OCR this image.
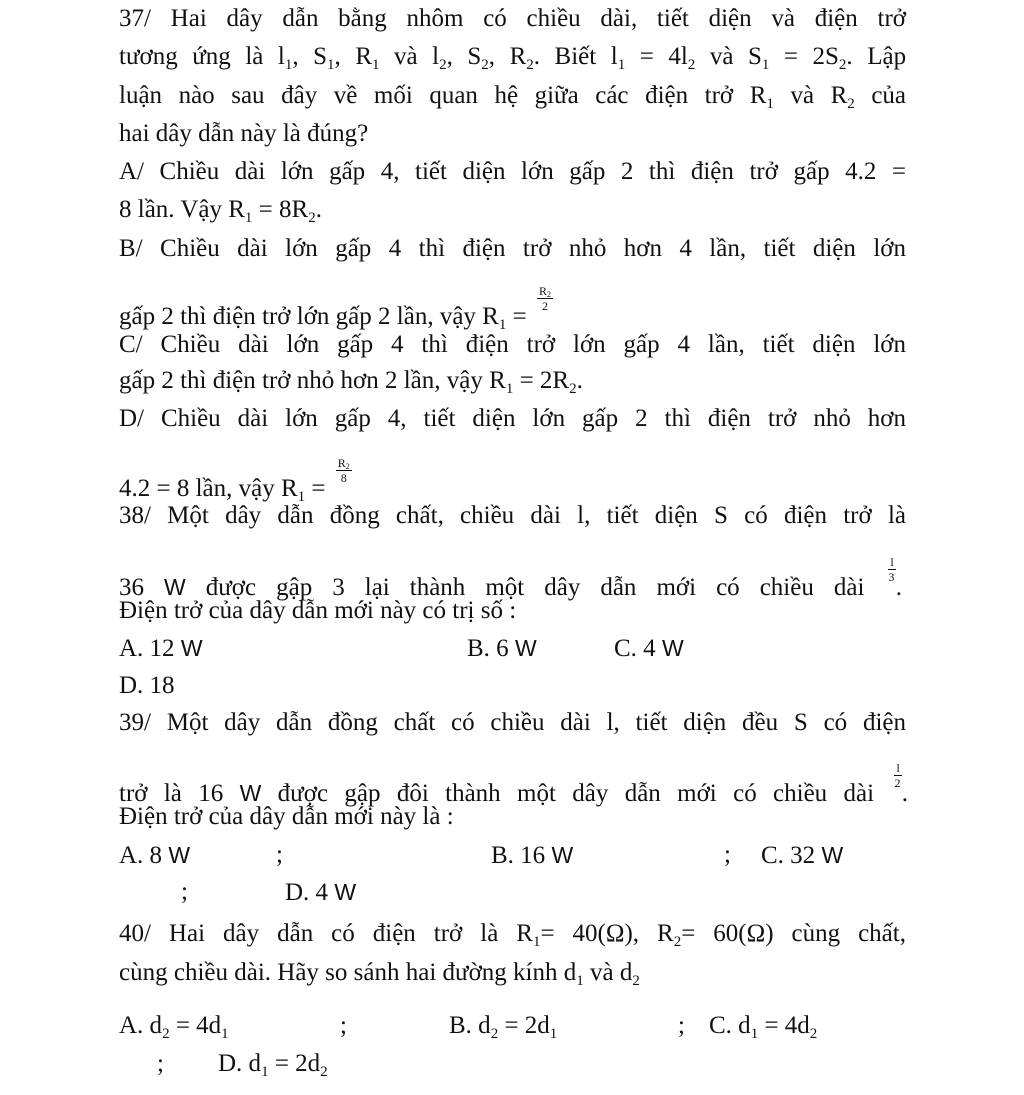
37/ Hai dây dẫn bằng nhôm có chiều dài, tiết diện và điện trở
tương ứng là $l_1$, $S_1$, $R_1$ và $l_2$, $S_2$, $R_2$. Biết $l_1 = 4l_2$ và $S_1 = 2S_2$. Lập
luận nào sau đây về mối quan hệ giữa các điện trở $R_1$ và $R_2$ của
hai dây dẫn này là đúng?
A/ Chiều dài lớn gấp 4, tiết diện lớn gấp 2 thì điện trở gấp 4.2 =
8 lần. Vậy $R_1 = 8R_2$.
B/ Chiều dài lớn gấp 4 thì điện trở nhỏ hơn 4 lần, tiết diện lớn
gấp 2 thì điện trở lớn gấp 2 lần, vậy $R_1$ =
$\frac{R_2}{2}$
C/ Chiều dài lớn gấp 4 thì điện trở lớn gấp 4 lần, tiết diện lớn
gấp 2 thì điện trở nhỏ hơn 2 lần, vậy $R_1 = 2R_2$.
D/ Chiều dài lớn gấp 4, tiết diện lớn gấp 2 thì điện trở nhỏ hơn
4.2 = 8 lần, vậy $R_1$ =
$\frac{R_2}{8}$
38/ Một dây dẫn đồng chất, chiều dài l, tiết diện S có điện trở là
36 W được gập 3 lại thành một dây dẫn mới có chiều dài
$\frac{l}{3}$
.
Điện trở của dây dẫn mới này có trị số :
A. 12 W	B. 6 W	C. 4 W
D. 18
39/ Một dây dẫn đồng chất có chiều dài l, tiết diện đều S có điện
trở là 16 W được gập đôi thành một dây dẫn mới có chiều dài
$\frac{l}{2}$
.
Điện trở của dây dẫn mới này là :
A. 8 W	;	B. 16 W	; C. 32 W
;	D. 4 W
40/ Hai dây dẫn có điện trở là $R_1= 40(\Omega)$, $R_2= 60(\Omega)$ cùng chất,
cùng chiều dài. Hãy so sánh hai đường kính $d_1$ và $d_2$
A. $d_2 = 4d_1$	;	B. $d_2 = 2d_1$	; C. $d_1 = 4d_2$
; D. $d_1 = 2d_2$
